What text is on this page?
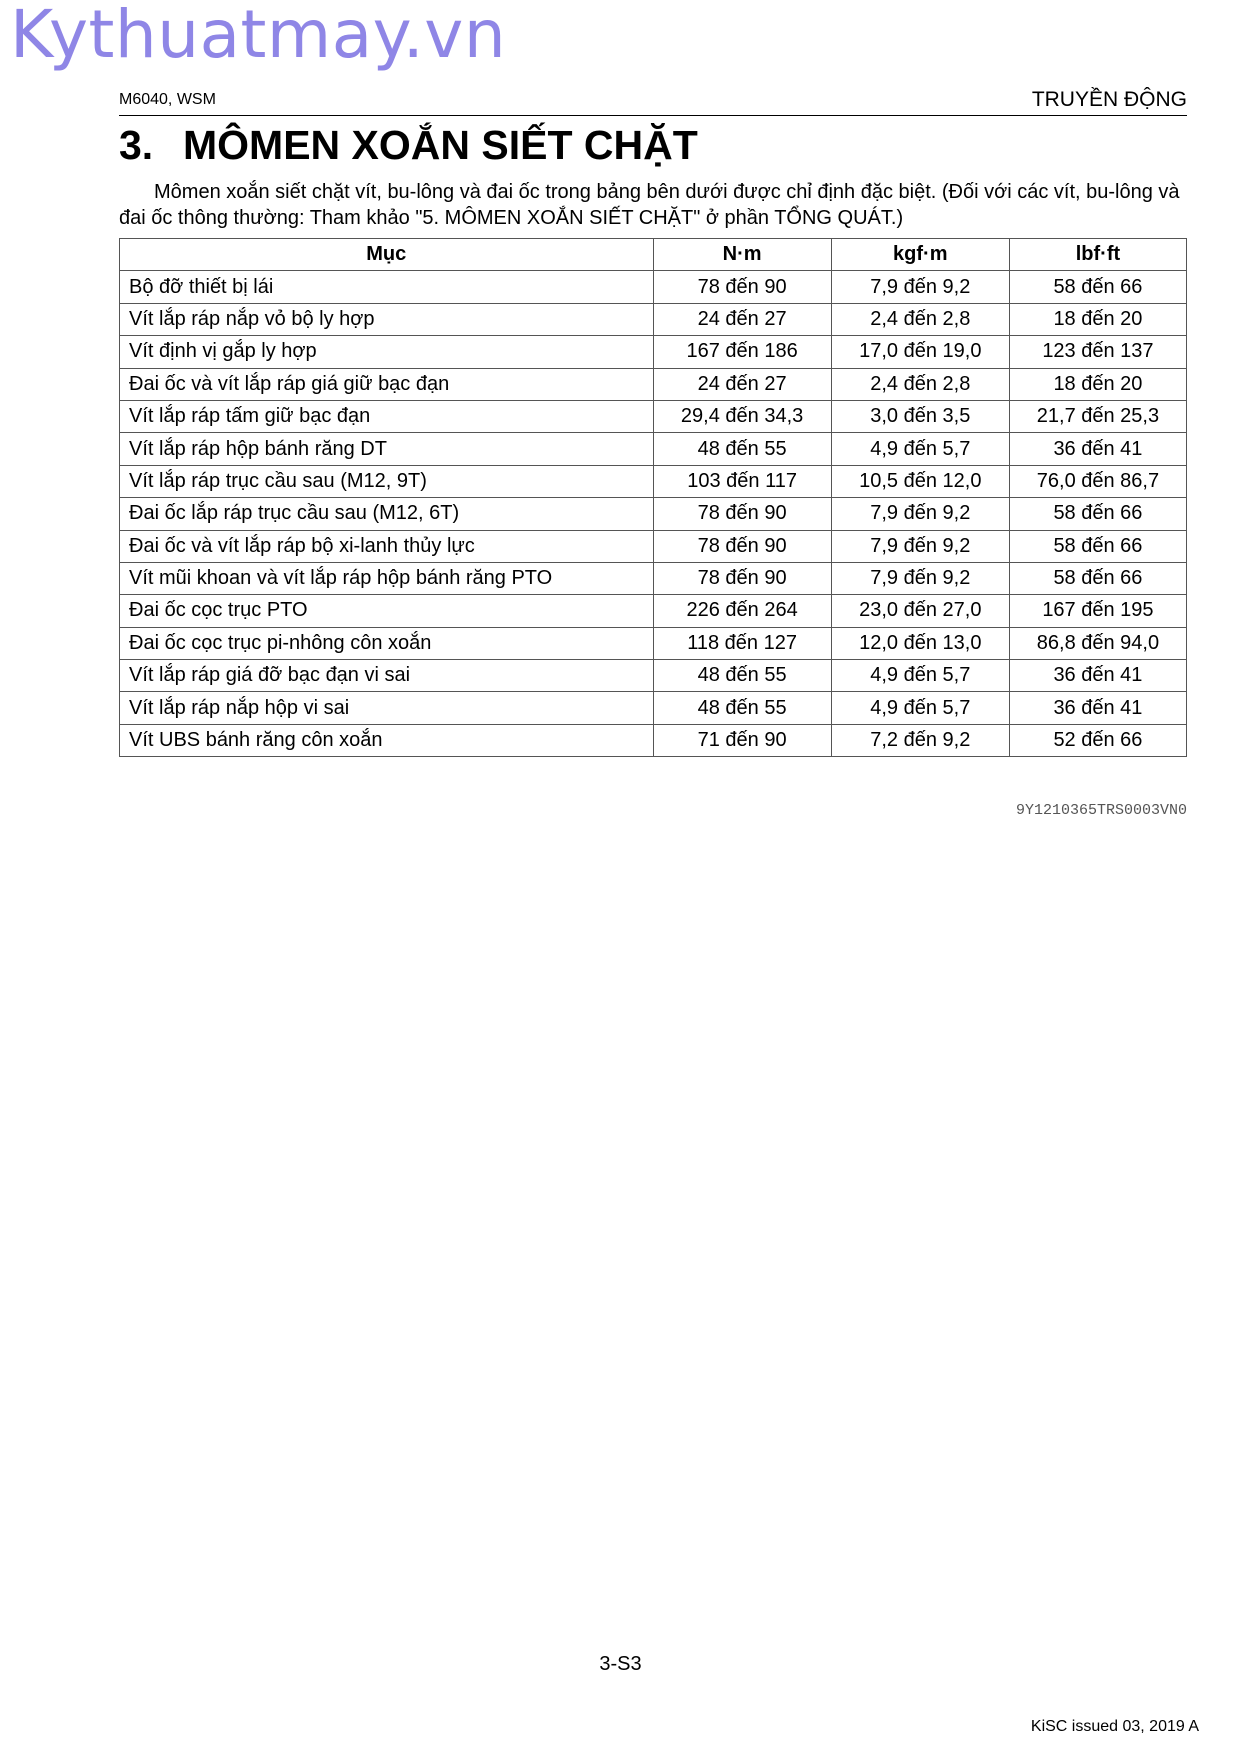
Kythuatmay.vn
M6040, WSM	TRUYỀN ĐỘNG
3. MÔMEN XOẮN SIẾT CHẶT

Mômen xoắn siết chặt vít, bu-lông và đai ốc trong bảng bên dưới được chỉ định đặc biệt. (Đối với các vít, bu-lông và đai ốc thông thường: Tham khảo "5. MÔMEN XOẮN SIẾT CHẶT" ở phần TỔNG QUÁT.)

Mục	N·m	kgf·m	lbf·ft
Bộ đỡ thiết bị lái	78 đến 90	7,9 đến 9,2	58 đến 66
Vít lắp ráp nắp vỏ bộ ly hợp	24 đến 27	2,4 đến 2,8	18 đến 20
Vít định vị gắp ly hợp	167 đến 186	17,0 đến 19,0	123 đến 137
Đai ốc và vít lắp ráp giá giữ bạc đạn	24 đến 27	2,4 đến 2,8	18 đến 20
Vít lắp ráp tấm giữ bạc đạn	29,4 đến 34,3	3,0 đến 3,5	21,7 đến 25,3
Vít lắp ráp hộp bánh răng DT	48 đến 55	4,9 đến 5,7	36 đến 41
Vít lắp ráp trục cầu sau (M12, 9T)	103 đến 117	10,5 đến 12,0	76,0 đến 86,7
Đai ốc lắp ráp trục cầu sau (M12, 6T)	78 đến 90	7,9 đến 9,2	58 đến 66
Đai ốc và vít lắp ráp bộ xi-lanh thủy lực	78 đến 90	7,9 đến 9,2	58 đến 66
Vít mũi khoan và vít lắp ráp hộp bánh răng PTO	78 đến 90	7,9 đến 9,2	58 đến 66
Đai ốc cọc trục PTO	226 đến 264	23,0 đến 27,0	167 đến 195
Đai ốc cọc trục pi-nhông côn xoắn	118 đến 127	12,0 đến 13,0	86,8 đến 94,0
Vít lắp ráp giá đỡ bạc đạn vi sai	48 đến 55	4,9 đến 5,7	36 đến 41
Vít lắp ráp nắp hộp vi sai	48 đến 55	4,9 đến 5,7	36 đến 41
Vít UBS bánh răng côn xoắn	71 đến 90	7,2 đến 9,2	52 đến 66
9Y1210365TRS0003VN0
3-S3
KiSC issued 03, 2019 A
